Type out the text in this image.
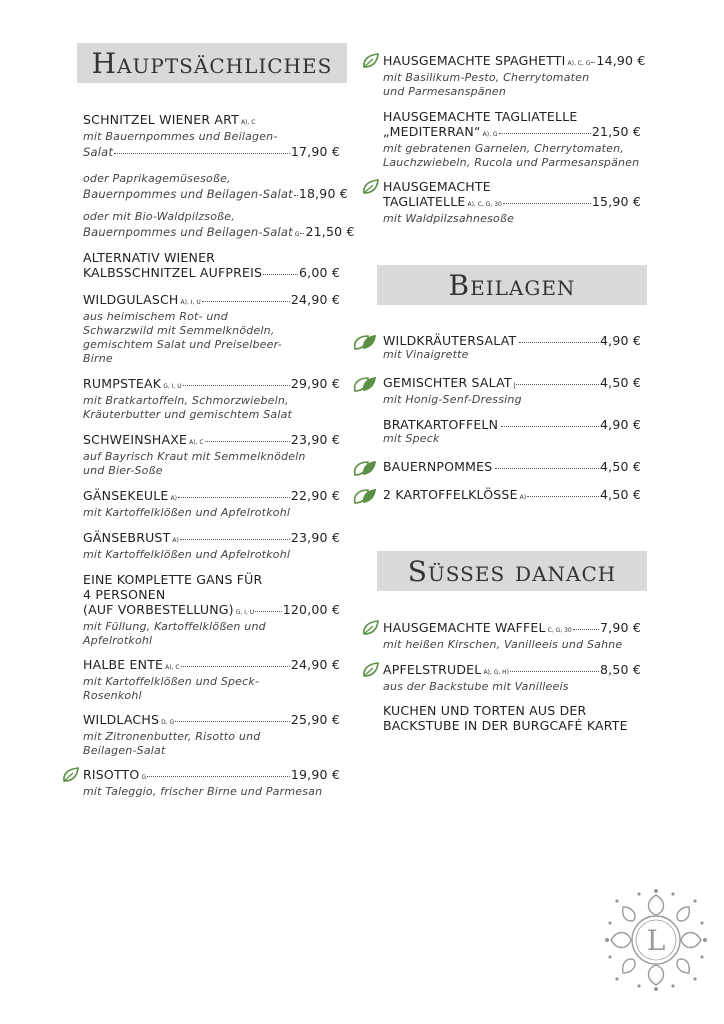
Hauptsächliches
SCHNITZEL WIENER ART $_{A), C}$
mit Bauernpommes und Beilagen-
Salat	17,90 €
oder Paprikagemüsesoße,
Bauernpommes und Beilagen-Salat 18,90 €
oder mit Bio-Waldpilzsoße,
Bauernpommes und Beilagen-Salat G 21,50 €
ALTERNATIV WIENER
KALBSSCHNITZEL AUFPREIS	6,00 €
WILDGULASCH $_{A), I, U}$	24,90 €
aus heimischem Rot- und
Schwarzwild mit Semmelknödeln,
gemischtem Salat und Preiselbeer-
Birne
RUMPSTEAK $_{G, I, U}$	29,90 €
mit Bratkartoffeln, Schmorzwiebeln,
Kräuterbutter und gemischtem Salat
SCHWEINSHAXE $_{A), C}$	23,90 €
auf Bayrisch Kraut mit Semmelknödeln
und Bier-Soße
GÄNSEKEULE $_{A)}$	22,90 €
mit Kartoffelklößen und Apfelrotkohl
GÄNSEBRUST $_{A)}$	23,90 €
mit Kartoffelklößen und Apfelrotkohl
EINE KOMPLETTE GANS FÜR
4 PERSONEN
(AUF VORBESTELLUNG) $_{G, I, U}$ 120,00 €
mit Füllung, Kartoffelklößen und
Apfelrotkohl
HALBE ENTE $_{A), C}$	24,90 €
mit Kartoffelklößen und Speck-
Rosenkohl
WILDLACHS $_{D, G}$	25,90 €
mit Zitronenbutter, Risotto und
Beilagen-Salat
RISOTTO $_G$	19,90 €
mit Taleggio, frischer Birne und Parmesan
HAUSGEMACHTE SPAGHETTI $_{A), C, G}$ 14,90 €
mit Basilikum-Pesto, Cherrytomaten
und Parmesanspänen
HAUSGEMACHTE TAGLIATELLE
„MEDITERRAN“ $_{A), G}$	21,50 €
mit gebratenen Garnelen, Cherrytomaten,
Lauchzwiebeln, Rucola und Parmesanspänen
HAUSGEMACHTE
TAGLIATELLE $_{A), C, G, 30}$	15,90 €
mit Waldpilzsahnesoße
Beilagen
WILDKRÄUTERSALAT	4,90 €
mit Vinaigrette
GEMISCHTER SALAT $_J$	4,50 €
mit Honig-Senf-Dressing
BRATKARTOFFELN	4,90 €
mit Speck
BAUERNPOMMES	4,50 €
2 KARTOFFELKLÖSSE $_{A)}$	4,50 €
Süsses danach
HAUSGEMACHTE WAFFEL $_{C, G, 30}$ 7,90 €
mit heißen Kirschen, Vanilleeis und Sahne
APFELSTRUDEL $_{A), G, H)}$	8,50 €
aus der Backstube mit Vanilleeis
KUCHEN UND TORTEN AUS DER
BACKSTUBE IN DER BURGCAFÉ KARTE
L
